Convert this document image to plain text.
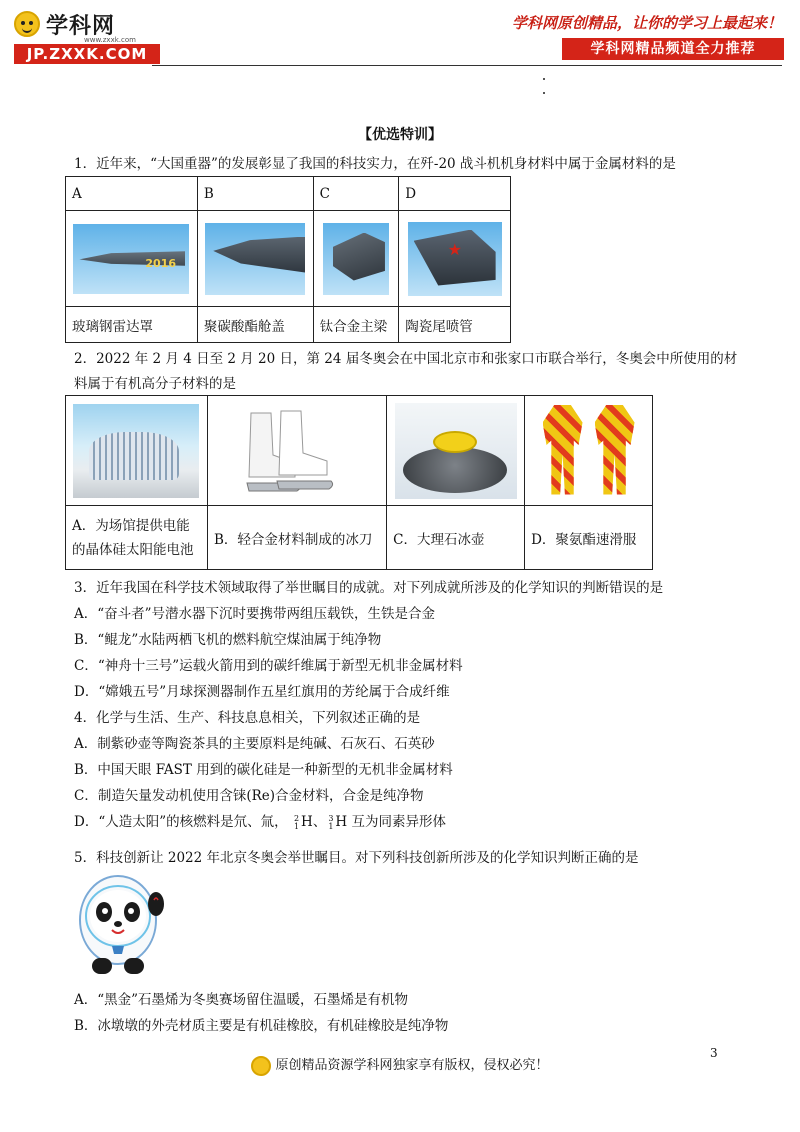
学科网
www.zxxk.com
JP.ZXXK.COM
学科网原创精品，让你的学习上最起来！
学科网精品频道全力推荐
【优选特训】
1．近年来，“大国重器”的发展彰显了我国的科技实力，在歼-20 战斗机机身材料中属于金属材料的是
A	B	C	D

2016			★

玻璃钢雷达罩	聚碳酸酯舱盖	钛合金主梁	陶瓷尾喷管
2．2022 年 2 月 4 日至 2 月 20 日，第 24 届冬奥会在中国北京市和张家口市联合举行，冬奥会中所使用的材
料属于有机高分子材料的是

A．为场馆提供电能
的晶体硅太阳能电池	B．轻合金材料制成的冰刀	C．大理石冰壶	D．聚氨酯速滑服
3．近年我国在科学技术领域取得了举世瞩目的成就。对下列成就所涉及的化学知识的判断错误的是
A．“奋斗者”号潜水器下沉时要携带两组压载铁，生铁是合金
B．“鲲龙”水陆两栖飞机的燃料航空煤油属于纯净物
C．“神舟十三号”运载火箭用到的碳纤维属于新型无机非金属材料
D．“嫦娥五号”月球探测器制作五星红旗用的芳纶属于合成纤维
4．化学与生活、生产、科技息息相关，下列叙述正确的是
A．制紫砂壶等陶瓷茶具的主要原料是纯碱、石灰石、石英砂
B．中国天眼 FAST 用到的碳化硅是一种新型的无机非金属材料
C．制造矢量发动机使用含铼(Re)合金材料，合金是纯净物
D．“人造太阳”的核燃料是氘、氚， 2
1 H、 3
1 H 互为同素异形体
5．科技创新让 2022 年北京冬奥会举世瞩目。对下列科技创新所涉及的化学知识判断正确的是
A．“黑金”石墨烯为冬奥赛场留住温暖，石墨烯是有机物
B．冰墩墩的外壳材质主要是有机硅橡胶，有机硅橡胶是纯净物
3
原创精品资源学科网独家享有版权，侵权必究！
